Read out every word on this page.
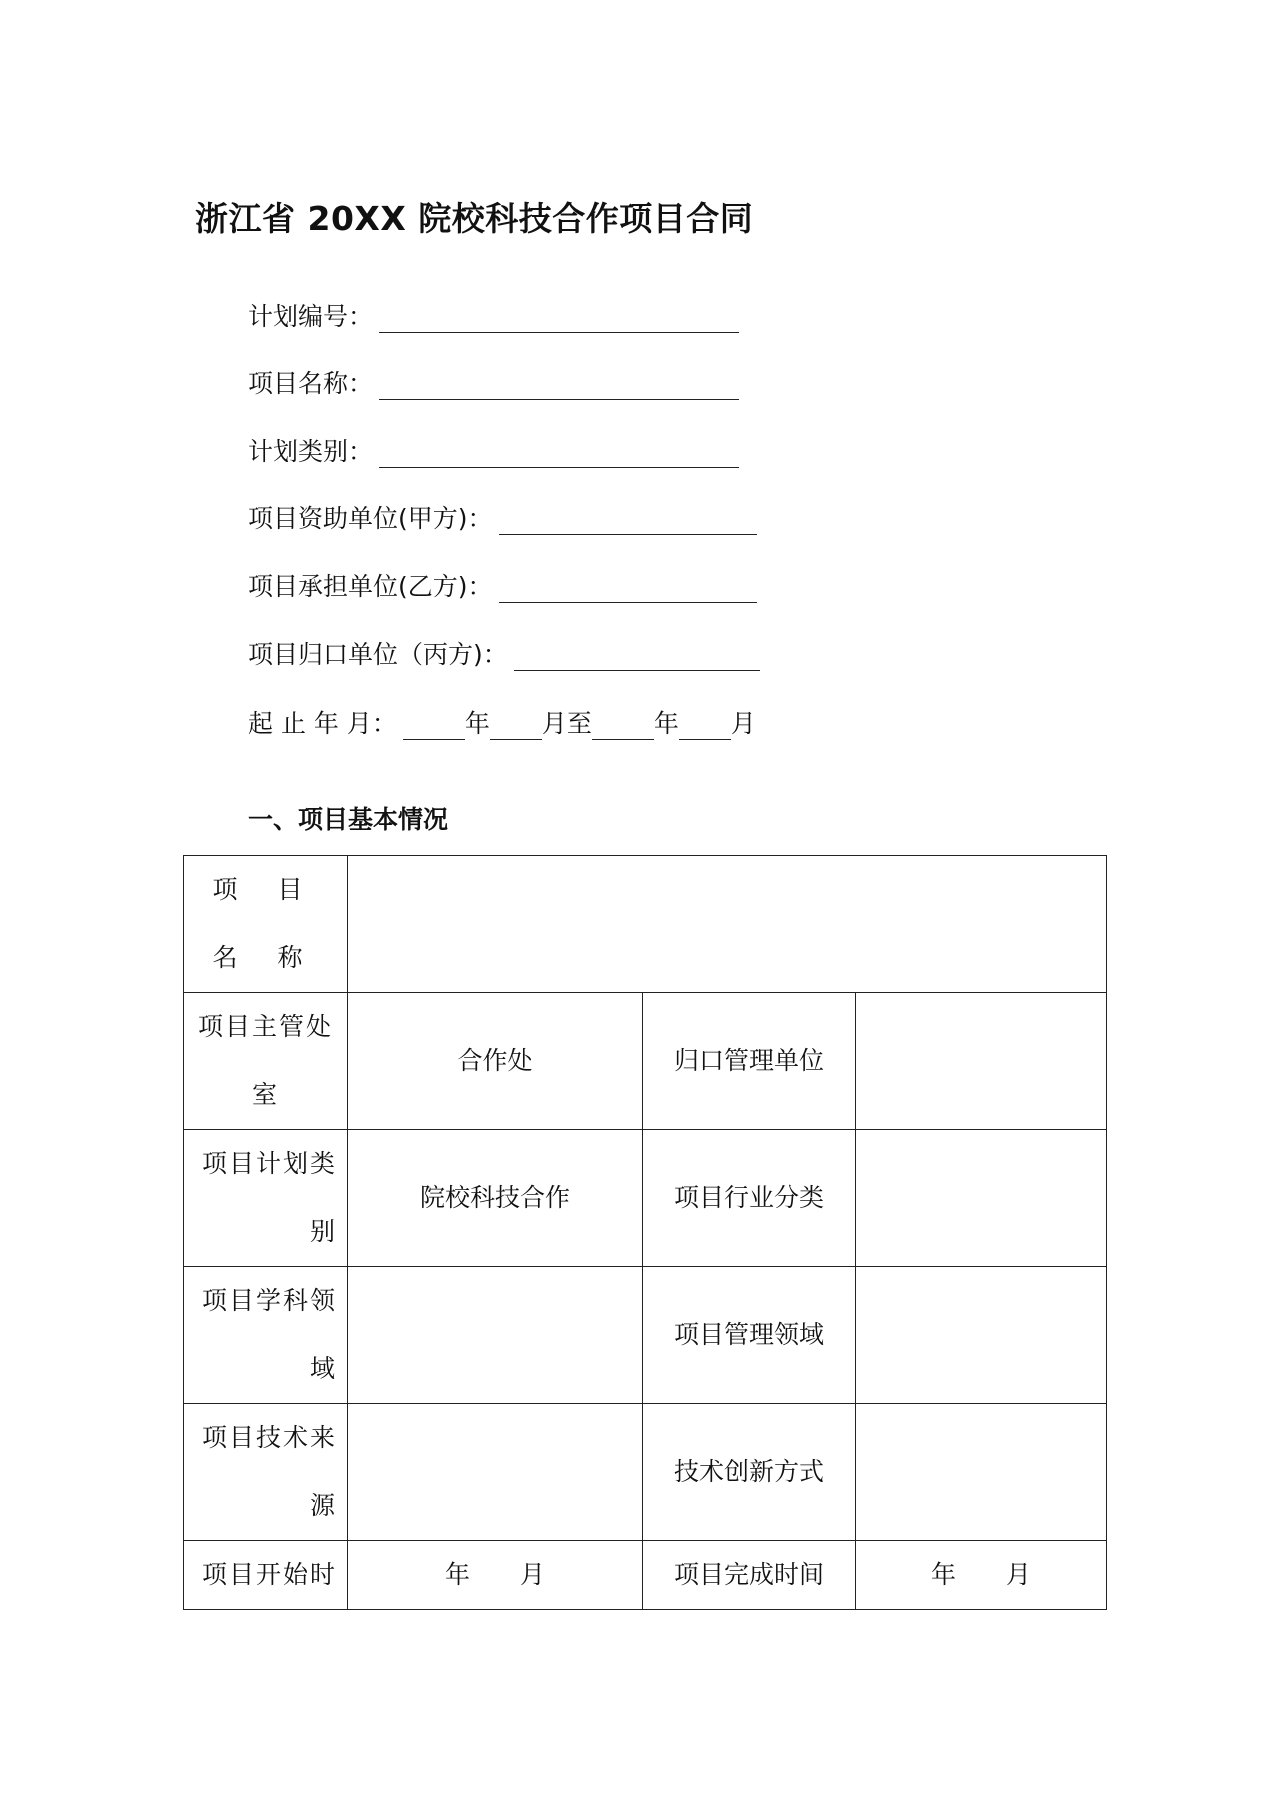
浙江省 20XX 院校科技合作项目合同
计划编号：
项目名称：
计划类别：
项目资助单位(甲方)：
项目承担单位(乙方)：
项目归口单位（丙方)：
起 止 年 月：	年 月至 年 月
一、项目基本情况
项 目 名 称			
项目主管处室	合作处	归口管理单位	
项目计划类别	院校科技合作	项目行业分类	
项目学科领域		项目管理领域	
项目技术来源		技术创新方式	
项目开始时	年　　月	项目完成时间	年　　月
